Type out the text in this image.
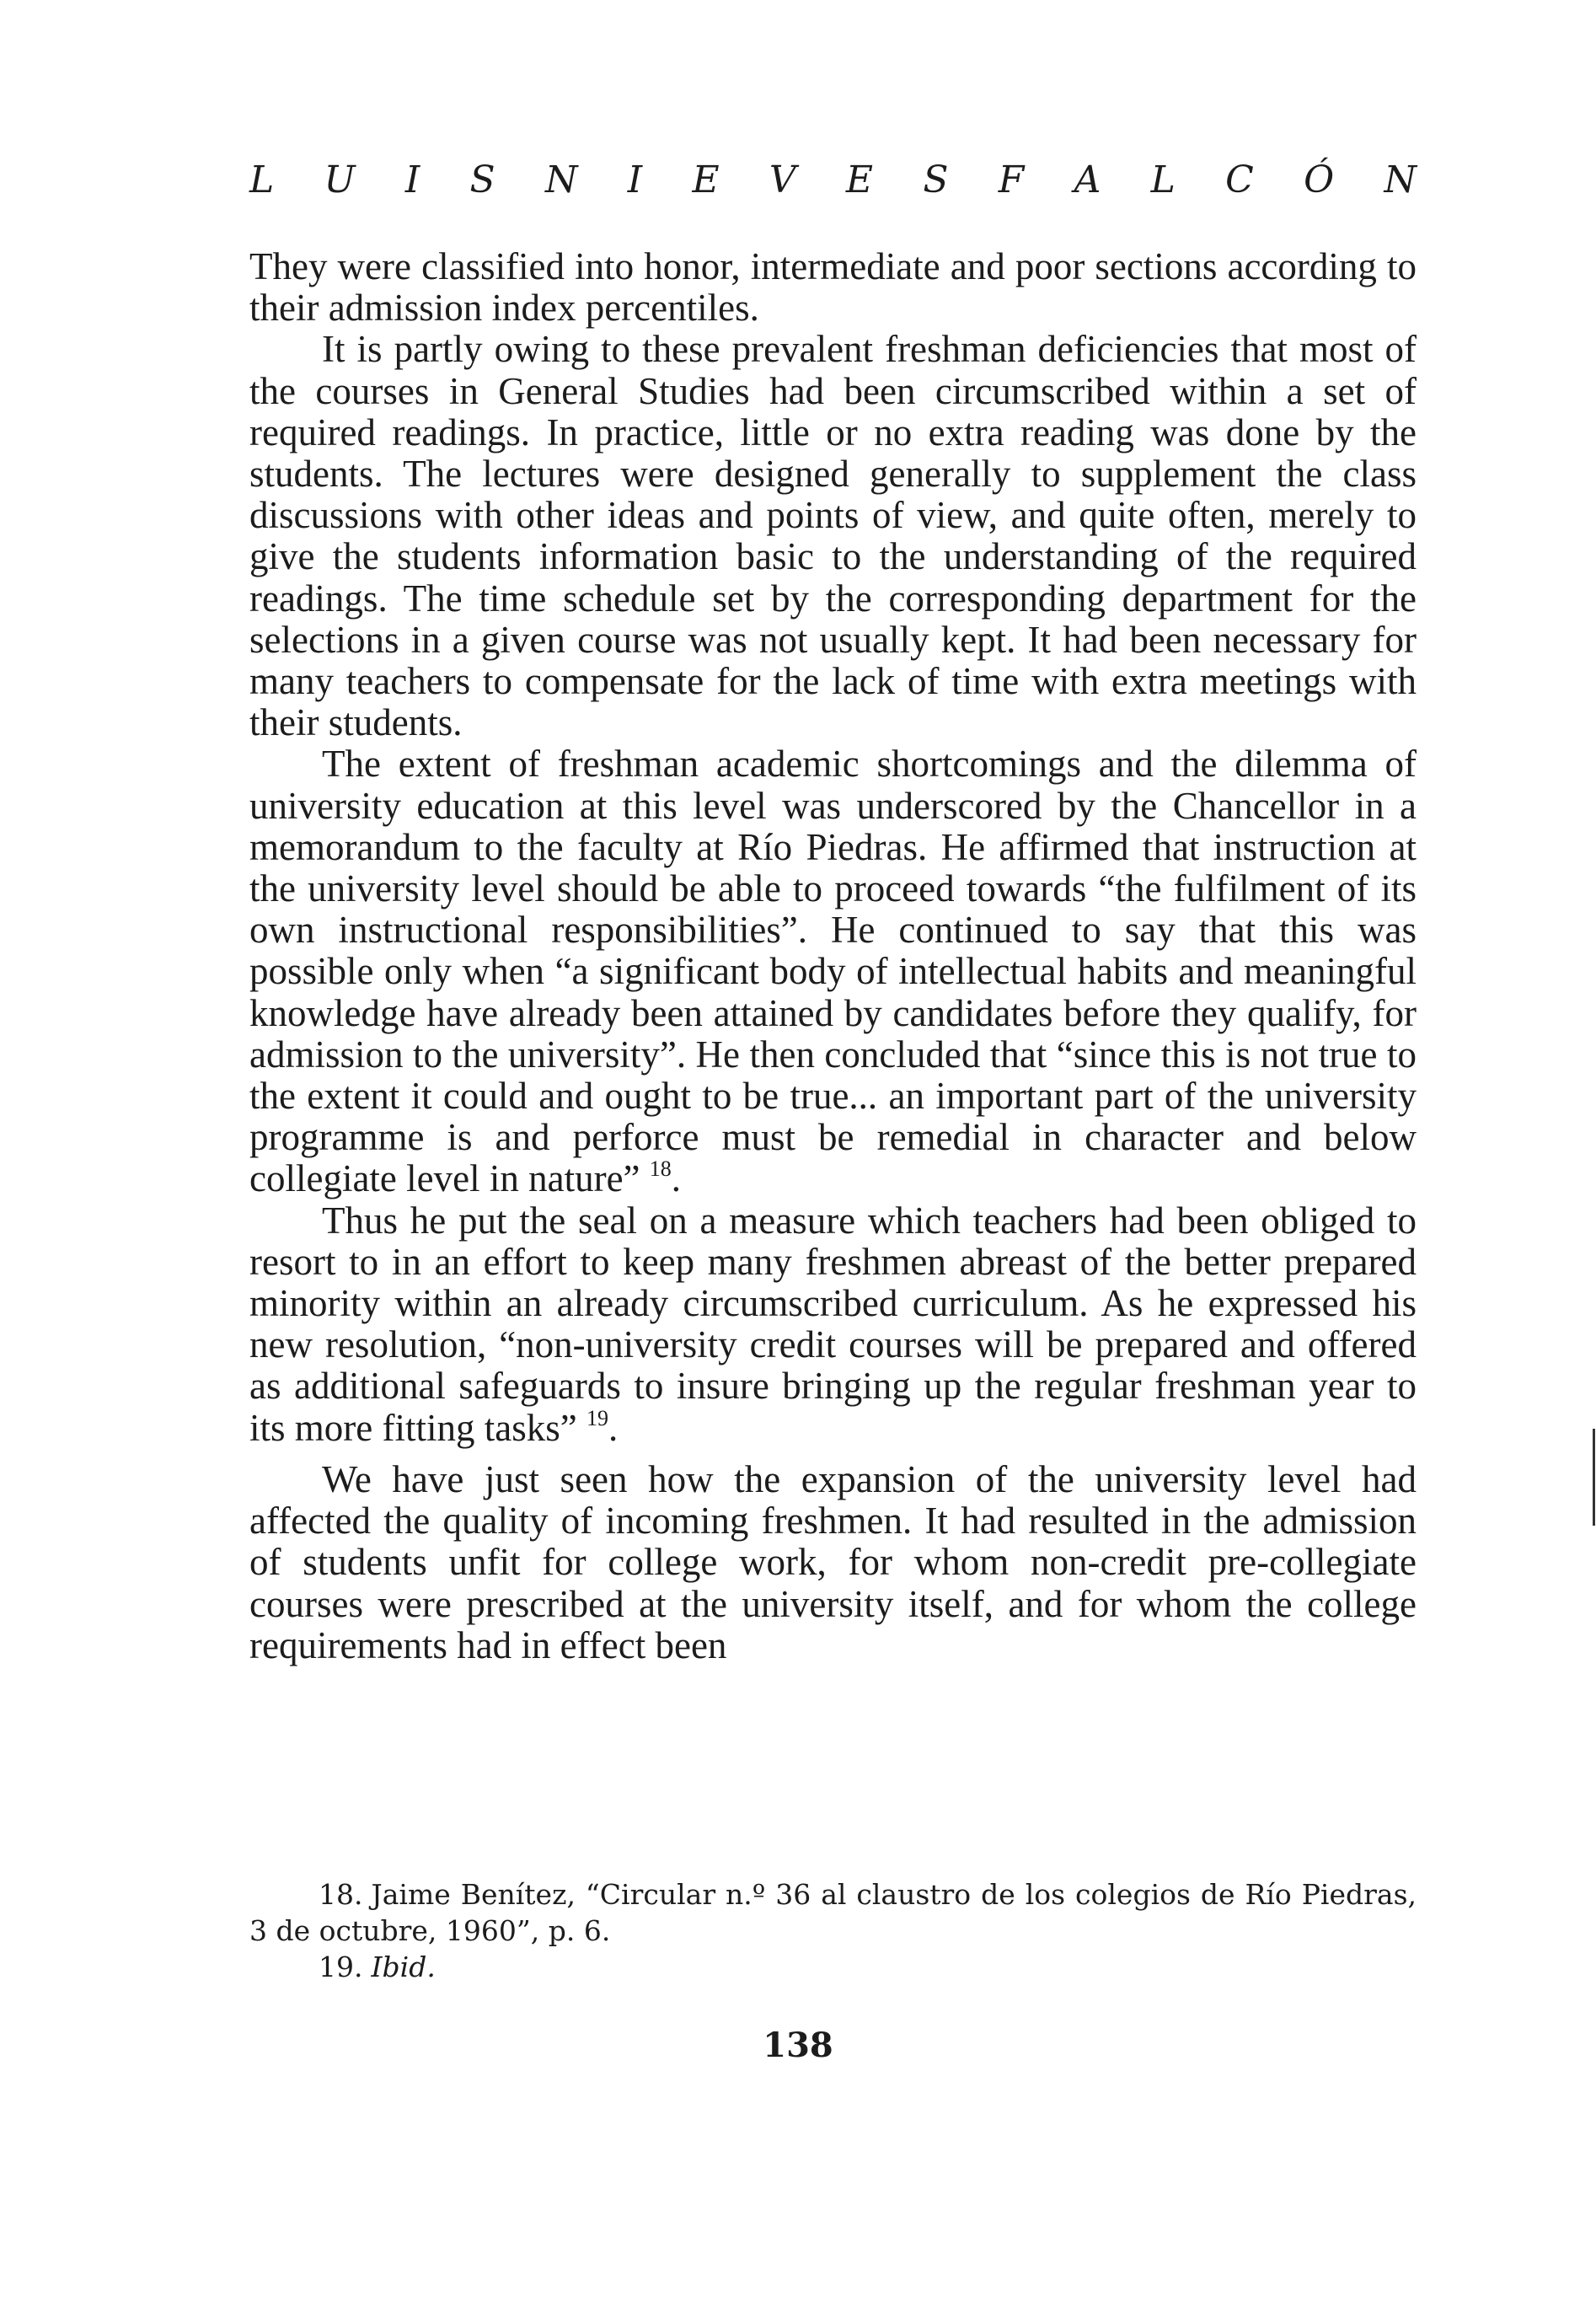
L U I S N I E V E S F A L C Ó N

They were classified into honor, intermediate and poor sections according to their admission index percentiles.

It is partly owing to these prevalent freshman deficiencies that most of the courses in General Studies had been circumscribed within a set of required readings. In practice, little or no extra reading was done by the students. The lectures were designed generally to supplement the class discussions with other ideas and points of view, and quite often, merely to give the students information basic to the understanding of the required readings. The time schedule set by the corresponding department for the selections in a given course was not usually kept. It had been necessary for many teachers to compensate for the lack of time with extra meetings with their students.

The extent of freshman academic shortcomings and the dilemma of university education at this level was underscored by the Chancellor in a memorandum to the faculty at Río Piedras. He affirmed that instruction at the university level should be able to proceed towards “the fulfilment of its own instructional responsibilities”. He continued to say that this was possible only when “a significant body of intellectual habits and meaningful knowledge have already been attained by candidates before they qualify, for admission to the university”. He then concluded that “since this is not true to the extent it could and ought to be true... an important part of the university programme is and perforce must be remedial in character and below collegiate level in nature” $^{18}$.

Thus he put the seal on a measure which teachers had been obliged to resort to in an effort to keep many freshmen abreast of the better prepared minority within an already circumscribed curriculum. As he expressed his new resolution, “non-university credit courses will be prepared and offered as additional safeguards to insure bringing up the regular freshman year to its more fitting tasks” $^{19}$.

We have just seen how the expansion of the university level had affected the quality of incoming freshmen. It had resulted in the admission of students unfit for college work, for whom non-credit pre-collegiate courses were prescribed at the university itself, and for whom the college requirements had in effect been

18. Jaime Benítez, “Circular n.º 36 al claustro de los colegios de Río Piedras, 3 de octubre, 1960”, p. 6.

19. Ibid.

138
